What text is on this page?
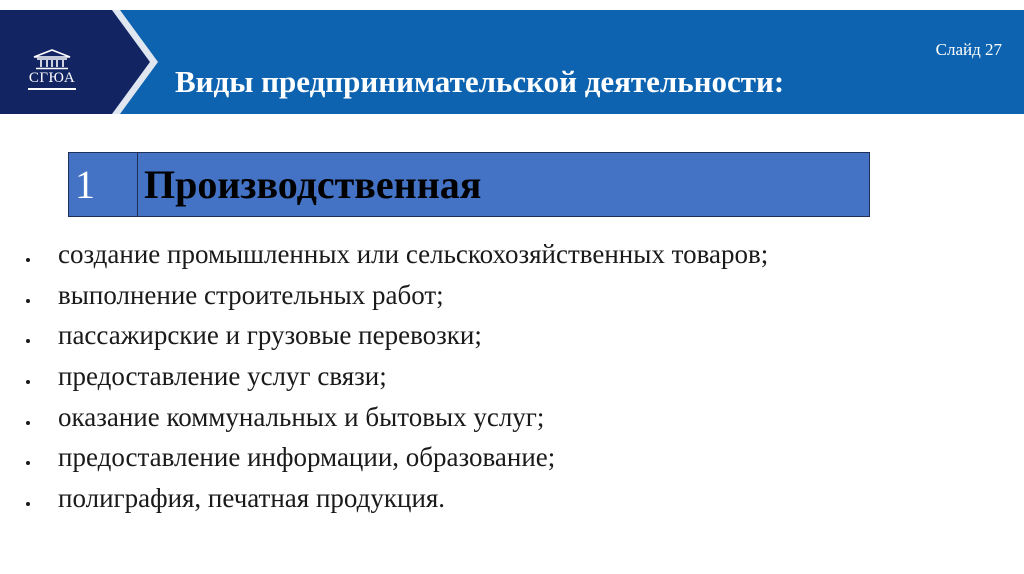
СГЮА
Слайд 27
Виды предпринимательской деятельности:
1	Производственная
создание промышленных или сельскохозяйственных товаров;
выполнение строительных работ;
пассажирские и грузовые перевозки;
предоставление услуг связи;
оказание коммунальных и бытовых услуг;
предоставление информации, образование;
полиграфия, печатная продукция.
